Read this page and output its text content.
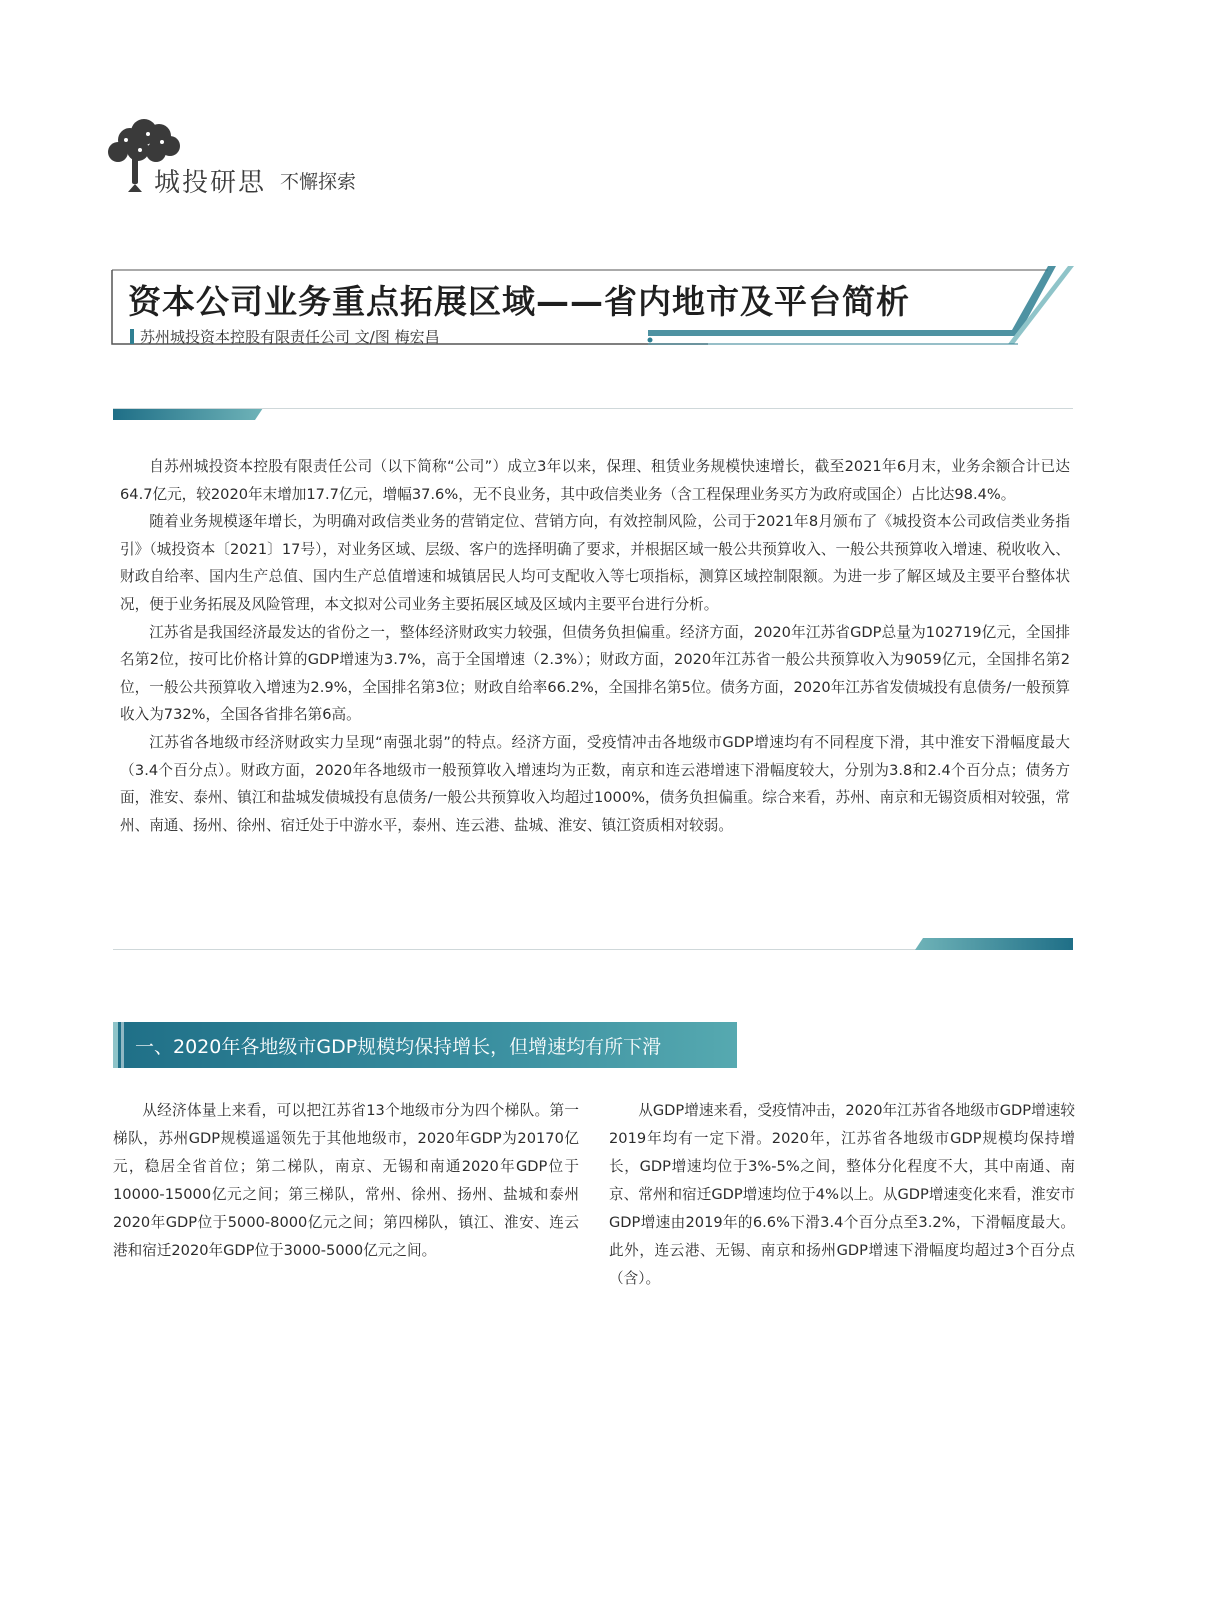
城投研思 不懈探索
资本公司业务重点拓展区域——省内地市及平台简析
苏州城投资本控股有限责任公司 文/图 梅宏昌

自苏州城投资本控股有限责任公司（以下简称“公司”）成立3年以来，保理、租赁业务规模快速增长，截至2021年6月末，业务余额合计已达64.7亿元，较2020年末增加17.7亿元，增幅37.6%，无不良业务，其中政信类业务（含工程保理业务买方为政府或国企）占比达98.4%。

随着业务规模逐年增长，为明确对政信类业务的营销定位、营销方向，有效控制风险，公司于2021年8月颁布了《城投资本公司政信类业务指引》（城投资本〔2021〕17号），对业务区域、层级、客户的选择明确了要求，并根据区域一般公共预算收入、一般公共预算收入增速、税收收入、财政自给率、国内生产总值、国内生产总值增速和城镇居民人均可支配收入等七项指标，测算区域控制限额。为进一步了解区域及主要平台整体状况，便于业务拓展及风险管理，本文拟对公司业务主要拓展区域及区域内主要平台进行分析。

江苏省是我国经济最发达的省份之一，整体经济财政实力较强，但债务负担偏重。经济方面，2020年江苏省GDP总量为102719亿元，全国排名第2位，按可比价格计算的GDP增速为3.7%，高于全国增速（2.3%）；财政方面，2020年江苏省一般公共预算收入为9059亿元，全国排名第2位，一般公共预算收入增速为2.9%，全国排名第3位；财政自给率66.2%，全国排名第5位。债务方面，2020年江苏省发债城投有息债务/一般预算收入为732%，全国各省排名第6高。

江苏省各地级市经济财政实力呈现“南强北弱”的特点。经济方面，受疫情冲击各地级市GDP增速均有不同程度下滑，其中淮安下滑幅度最大（3.4个百分点）。财政方面，2020年各地级市一般预算收入增速均为正数，南京和连云港增速下滑幅度较大，分别为3.8和2.4个百分点；债务方面，淮安、泰州、镇江和盐城发债城投有息债务/一般公共预算收入均超过1000%，债务负担偏重。综合来看，苏州、南京和无锡资质相对较强，常州、南通、扬州、徐州、宿迁处于中游水平，泰州、连云港、盐城、淮安、镇江资质相对较弱。

一、2020年各地级市GDP规模均保持增长，但增速均有所下滑

从经济体量上来看，可以把江苏省13个地级市分为四个梯队。第一梯队，苏州GDP规模遥遥领先于其他地级市，2020年GDP为20170亿元，稳居全省首位；第二梯队，南京、无锡和南通2020年GDP位于10000-15000亿元之间；第三梯队，常州、徐州、扬州、盐城和泰州2020年GDP位于5000-8000亿元之间；第四梯队，镇江、淮安、连云港和宿迁2020年GDP位于3000-5000亿元之间。

从GDP增速来看，受疫情冲击，2020年江苏省各地级市GDP增速较2019年均有一定下滑。2020年，江苏省各地级市GDP规模均保持增长，GDP增速均位于3%-5%之间，整体分化程度不大，其中南通、南京、常州和宿迁GDP增速均位于4%以上。从GDP增速变化来看，淮安市GDP增速由2019年的6.6%下滑3.4个百分点至3.2%，下滑幅度最大。此外，连云港、无锡、南京和扬州GDP增速下滑幅度均超过3个百分点（含）。
